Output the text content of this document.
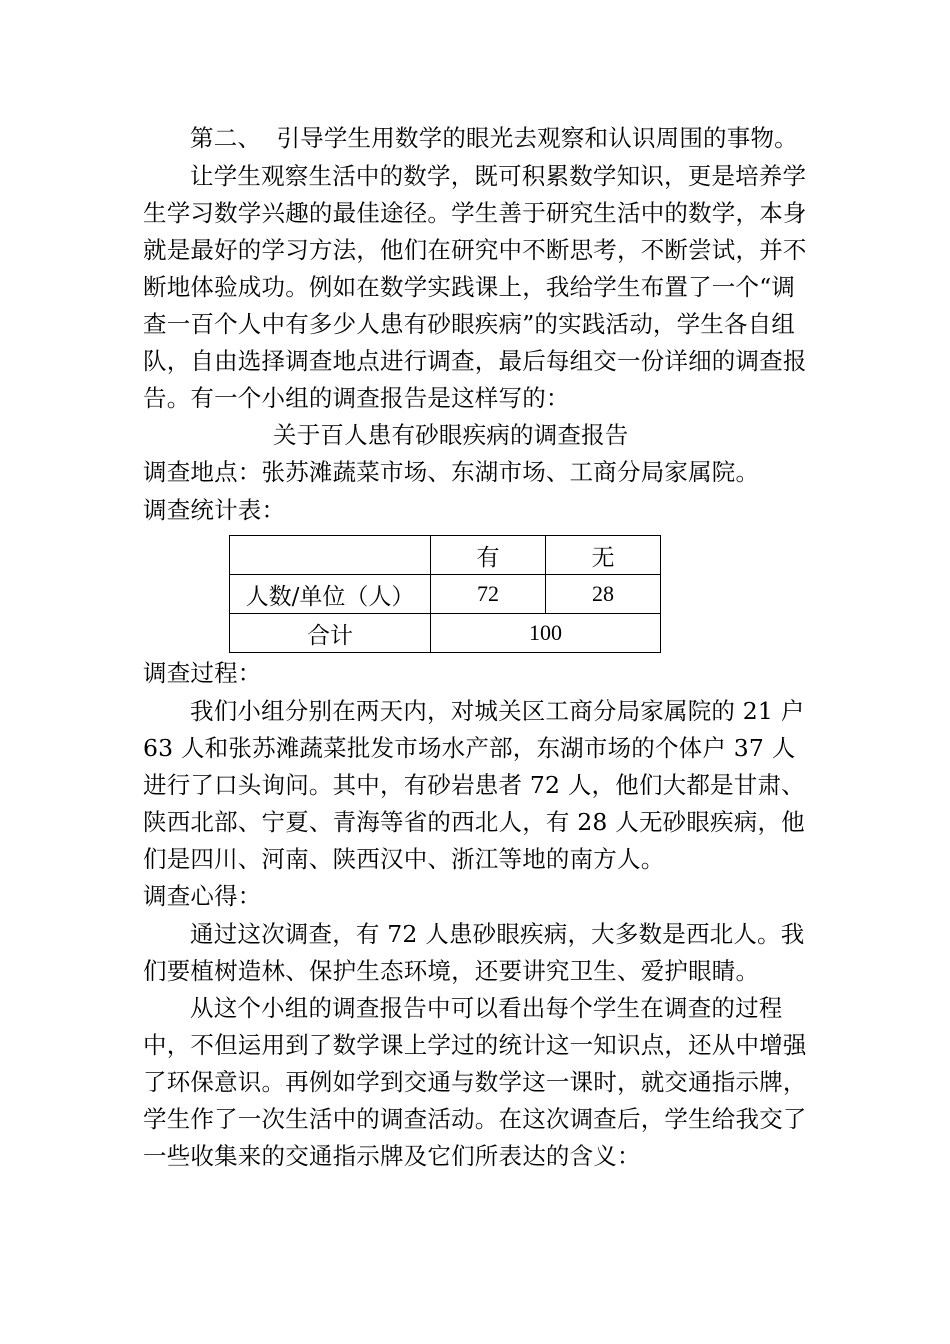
第二、  引导学生用数学的眼光去观察和认识周围的事物。

让学生观察生活中的数学，既可积累数学知识，更是培养学生学习数学兴趣的最佳途径。学生善于研究生活中的数学，本身就是最好的学习方法，他们在研究中不断思考，不断尝试，并不断地体验成功。例如在数学实践课上，我给学生布置了一个“调查一百个人中有多少人患有砂眼疾病”的实践活动，学生各自组队，自由选择调查地点进行调查，最后每组交一份详细的调查报告。有一个小组的调查报告是这样写的：

关于百人患有砂眼疾病的调查报告

调查地点：张苏滩蔬菜市场、东湖市场、工商分局家属院。

调查统计表：

	有	无
人数/单位（人）	72	28
合计	100	

调查过程：

我们小组分别在两天内，对城关区工商分局家属院的 21 户 63 人和张苏滩蔬菜批发市场水产部，东湖市场的个体户 37 人进行了口头询问。其中，有砂岩患者 72 人，他们大都是甘肃、陕西北部、宁夏、青海等省的西北人，有 28 人无砂眼疾病，他们是四川、河南、陕西汉中、浙江等地的南方人。

调查心得：

通过这次调查，有 72 人患砂眼疾病，大多数是西北人。我们要植树造林、保护生态环境，还要讲究卫生、爱护眼睛。

从这个小组的调查报告中可以看出每个学生在调查的过程中，不但运用到了数学课上学过的统计这一知识点，还从中增强了环保意识。再例如学到交通与数学这一课时，就交通指示牌，学生作了一次生活中的调查活动。在这次调查后，学生给我交了一些收集来的交通指示牌及它们所表达的含义：
